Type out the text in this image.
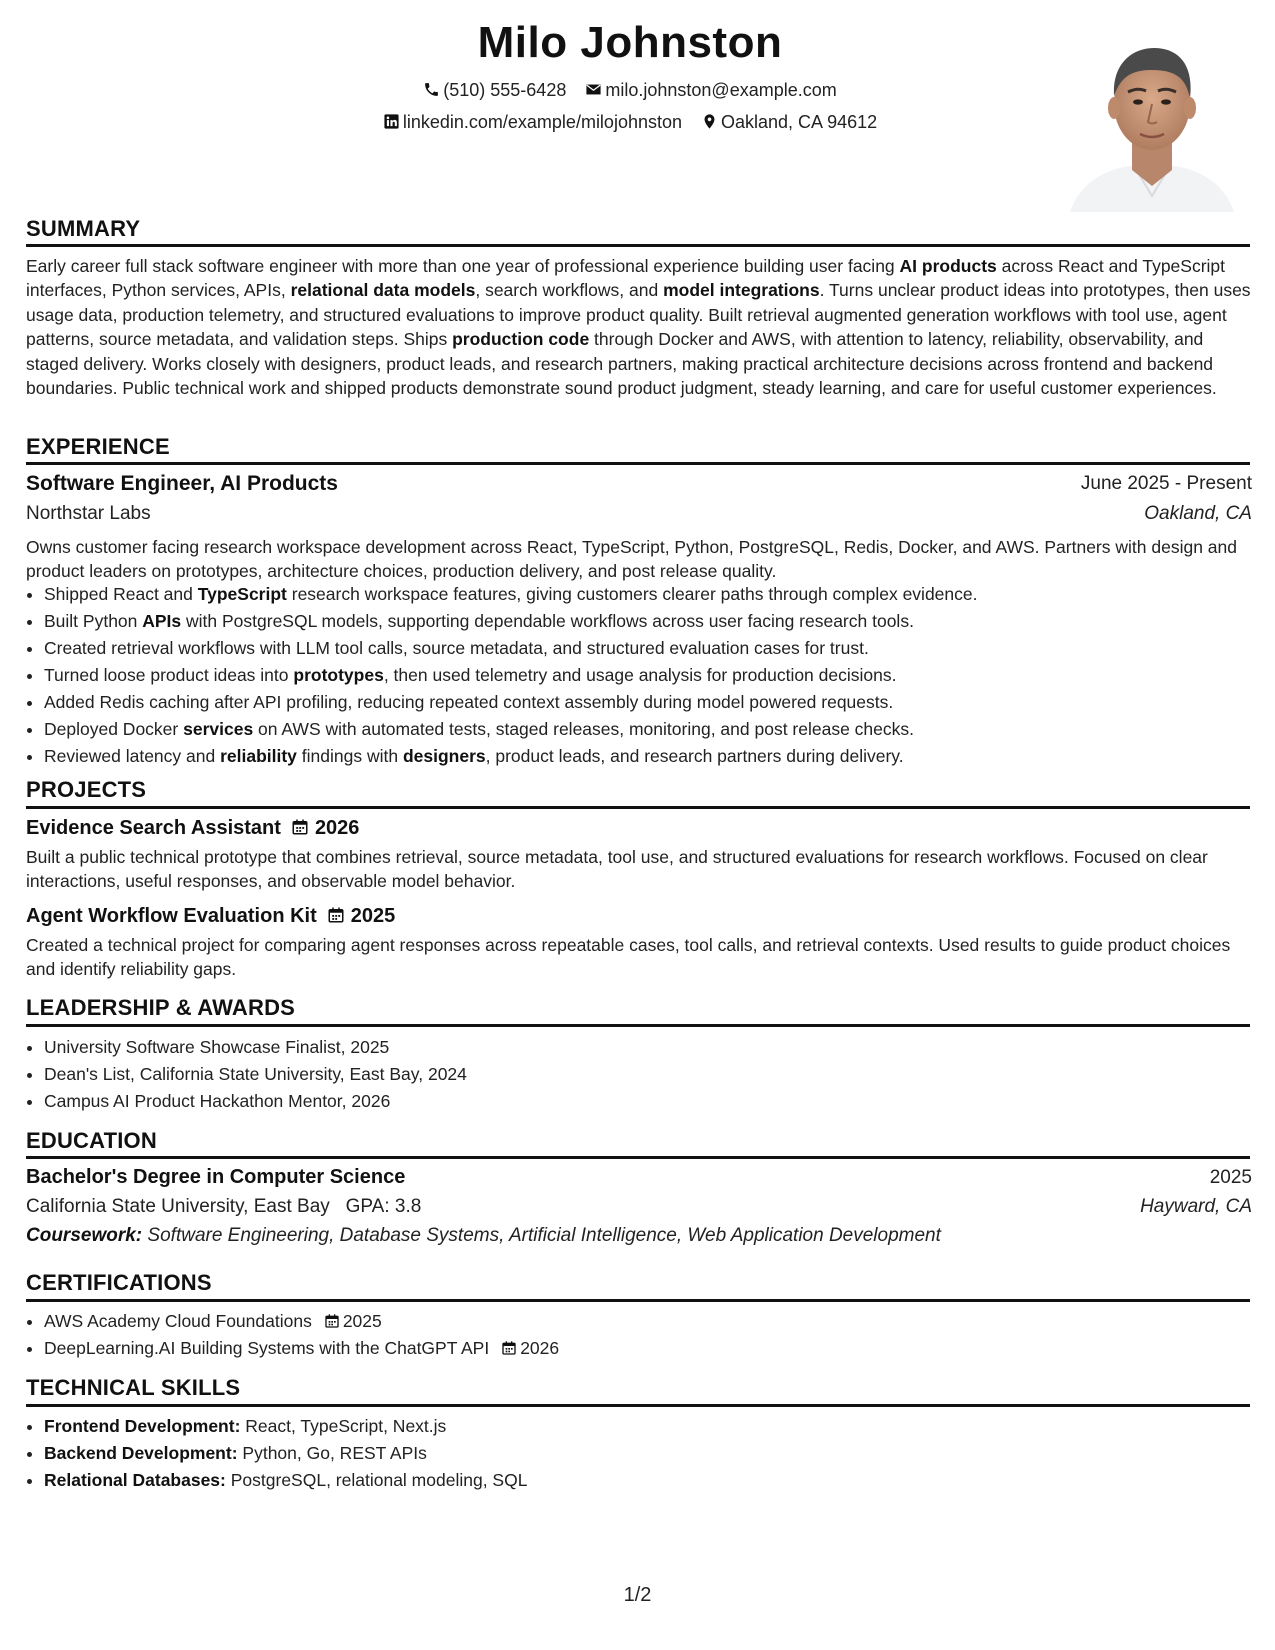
Milo Johnston
(510) 555-6428 milo.johnston@example.com
linkedin.com/example/milojohnston Oakland, CA 94612
SUMMARY
Early career full stack software engineer with more than one year of professional experience building user facing AI products across React and TypeScript interfaces, Python services, APIs, relational data models, search workflows, and model integrations. Turns unclear product ideas into prototypes, then uses usage data, production telemetry, and structured evaluations to improve product quality. Built retrieval augmented generation workflows with tool use, agent patterns, source metadata, and validation steps. Ships production code through Docker and AWS, with attention to latency, reliability, observability, and staged delivery. Works closely with designers, product leads, and research partners, making practical architecture decisions across frontend and backend boundaries. Public technical work and shipped products demonstrate sound product judgment, steady learning, and care for useful customer experiences.
EXPERIENCE
Software Engineer, AI Products	June 2025 - Present
Northstar Labs	Oakland, CA
Owns customer facing research workspace development across React, TypeScript, Python, PostgreSQL, Redis, Docker, and AWS. Partners with design and product leaders on prototypes, architecture choices, production delivery, and post release quality.
• Shipped React and TypeScript research workspace features, giving customers clearer paths through complex evidence.
• Built Python APIs with PostgreSQL models, supporting dependable workflows across user facing research tools.
• Created retrieval workflows with LLM tool calls, source metadata, and structured evaluation cases for trust.
• Turned loose product ideas into prototypes, then used telemetry and usage analysis for production decisions.
• Added Redis caching after API profiling, reducing repeated context assembly during model powered requests.
• Deployed Docker services on AWS with automated tests, staged releases, monitoring, and post release checks.
• Reviewed latency and reliability findings with designers, product leads, and research partners during delivery.
PROJECTS
Evidence Search Assistant 2026
Built a public technical prototype that combines retrieval, source metadata, tool use, and structured evaluations for research workflows. Focused on clear interactions, useful responses, and observable model behavior.
Agent Workflow Evaluation Kit 2025
Created a technical project for comparing agent responses across repeatable cases, tool calls, and retrieval contexts. Used results to guide product choices and identify reliability gaps.
LEADERSHIP & AWARDS
• University Software Showcase Finalist, 2025
• Dean's List, California State University, East Bay, 2024
• Campus AI Product Hackathon Mentor, 2026
EDUCATION
Bachelor's Degree in Computer Science	2025
California State University, East Bay GPA: 3.8	Hayward, CA
Coursework: Software Engineering, Database Systems, Artificial Intelligence, Web Application Development
CERTIFICATIONS
• AWS Academy Cloud Foundations 2025
• DeepLearning.AI Building Systems with the ChatGPT API 2026
TECHNICAL SKILLS
• Frontend Development: React, TypeScript, Next.js
• Backend Development: Python, Go, REST APIs
• Relational Databases: PostgreSQL, relational modeling, SQL
1/2
